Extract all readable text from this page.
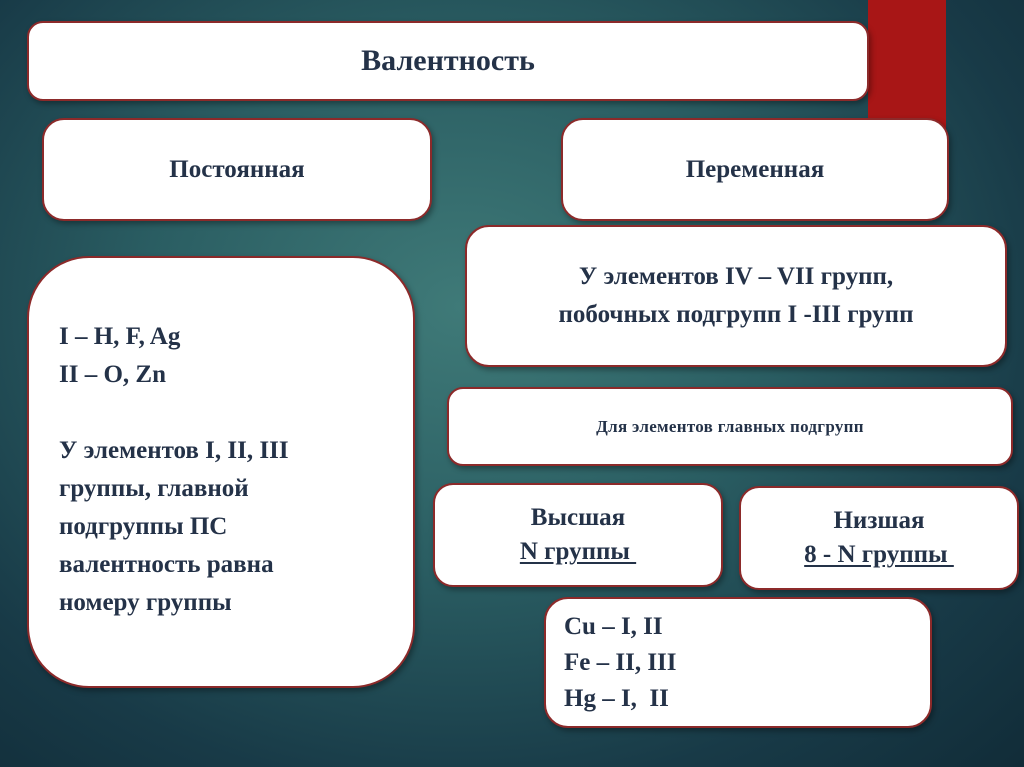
Валентность
Постоянная	Переменная
I – H, F, Ag
II – O, Zn
У элементов I, II, III
группы, главной
подгруппы ПС
валентность равна
номеру группы
У элементов IV – VII групп,
побочных подгрупп I -III групп
Для элементов главных подгрупп
Высшая
N группы
Низшая
8 - N группы
Cu – I, II
Fe – II, III
Hg – I,  II
